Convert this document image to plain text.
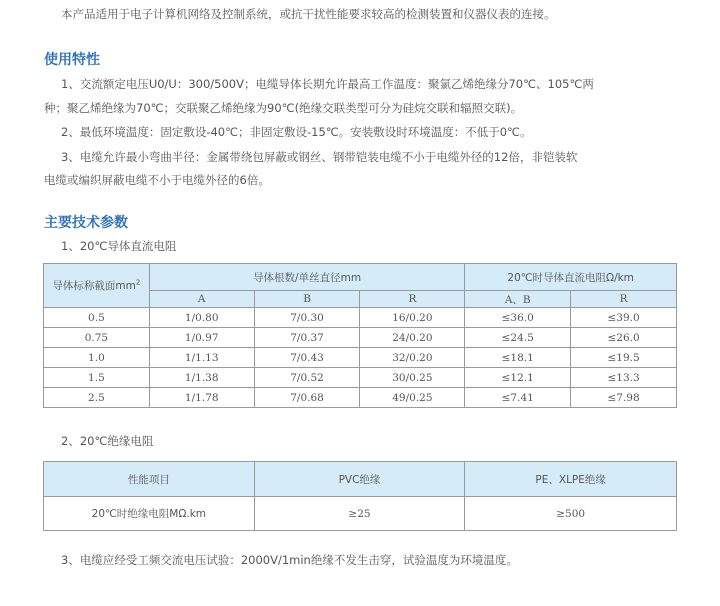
本产品适用于电子计算机网络及控制系统，或抗干扰性能要求较高的检测装置和仪器仪表的连接。
使用特性
1、交流额定电压U0/U：300/500V；电缆导体长期允许最高工作温度：聚氯乙烯绝缘分70℃、105℃两
种；聚乙烯绝缘为70℃；交联聚乙烯绝缘为90℃(绝缘交联类型可分为硅烷交联和辐照交联)。
2、最低环境温度：固定敷设-40℃；非固定敷设-15℃。安装敷设时环境温度：不低于0℃。
3、电缆允许最小弯曲半径：金属带绕包屏蔽或钢丝、钢带铠装电缆不小于电缆外径的12倍，非铠装软
电缆或编织屏蔽电缆不小于电缆外径的6倍。
主要技术参数
1、20℃导体直流电阻
导体标称截面$mm^2$	导体根数/单丝直径mm			20℃时导体直流电阻Ω/km	
	A	B	R	A、B	R
0.5	1/0.80	7/0.30	16/0.20	≤36.0	≤39.0
0.75	1/0.97	7/0.37	24/0.20	≤24.5	≤26.0
1.0	1/1.13	7/0.43	32/0.20	≤18.1	≤19.5
1.5	1/1.38	7/0.52	30/0.25	≤12.1	≤13.3
2.5	1/1.78	7/0.68	49/0.25	≤7.41	≤7.98
2、20℃绝缘电阻
性能项目	PVC绝缘	PE、XLPE绝缘
20℃时绝缘电阻MΩ.km	≥25	≥500
3、电缆应经受工频交流电压试验：2000V/1min绝缘不发生击穿，试验温度为环境温度。
